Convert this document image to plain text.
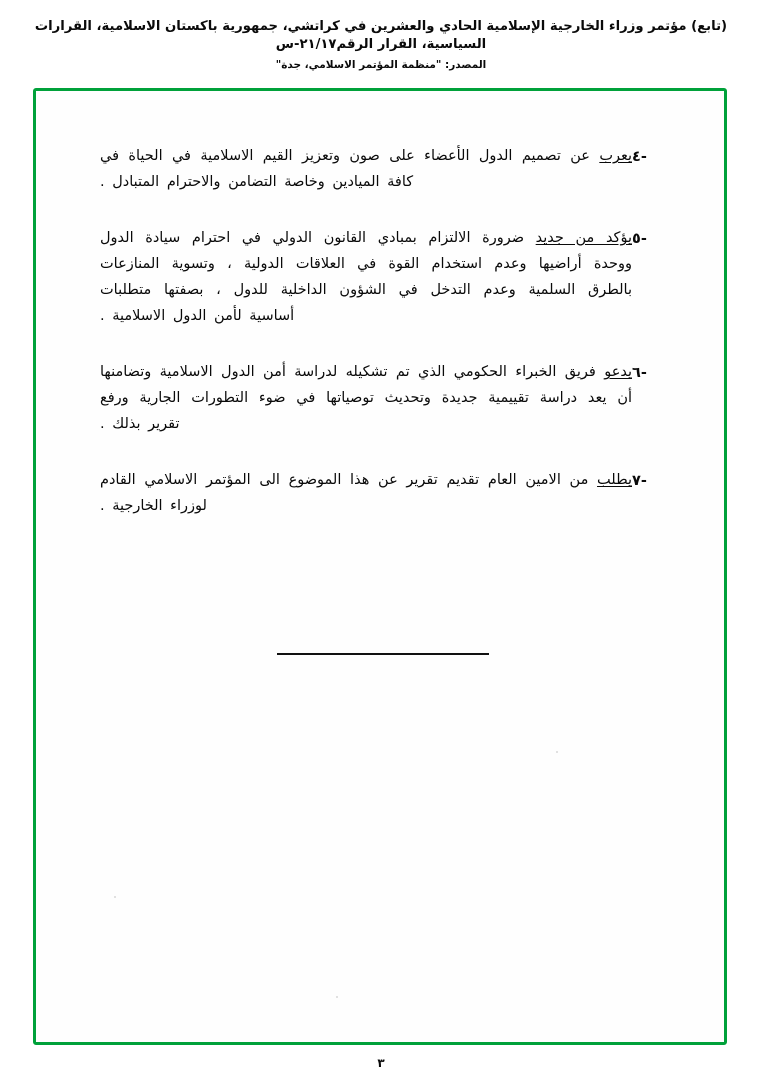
(تابع) مؤتمر وزراء الخارجية الإسلامية الحادي والعشرين في كراتشي، جمهورية باكستان الاسلامية، القرارات السياسية، القرار الرقم٢١/١٧-س
المصدر: "منظمة المؤتمر الاسلامي، جدة"
-٤
يعرب عن تصميم الدول الأعضاء على صون وتعزيز القيم الاسلامية في الحياة في كافة الميادين وخاصة التضامن والاحترام المتبادل .
-٥
يؤكد من جديد ضرورة الالتزام بمبادي القانون الدولي في احترام سيادة الدول ووحدة أراضيها وعدم استخدام القوة في العلاقات الدولية ، وتسوية المنازعات بالطرق السلمية وعدم التدخل في الشؤون الداخلية للدول ، بصفتها متطلبات أساسية لأمن الدول الاسلامية .
-٦
يدعو فريق الخبراء الحكومي الذي تم تشكيله لدراسة أمن الدول الاسلامية وتضامنها أن يعد دراسة تقييمية جديدة وتحديث توصياتها في ضوء التطورات الجارية ورفع تقرير بذلك .
-٧
يطلب من الامين العام تقديم تقرير عن هذا الموضوع الى المؤتمر الاسلامي القادم لوزراء الخارجية .
٣
